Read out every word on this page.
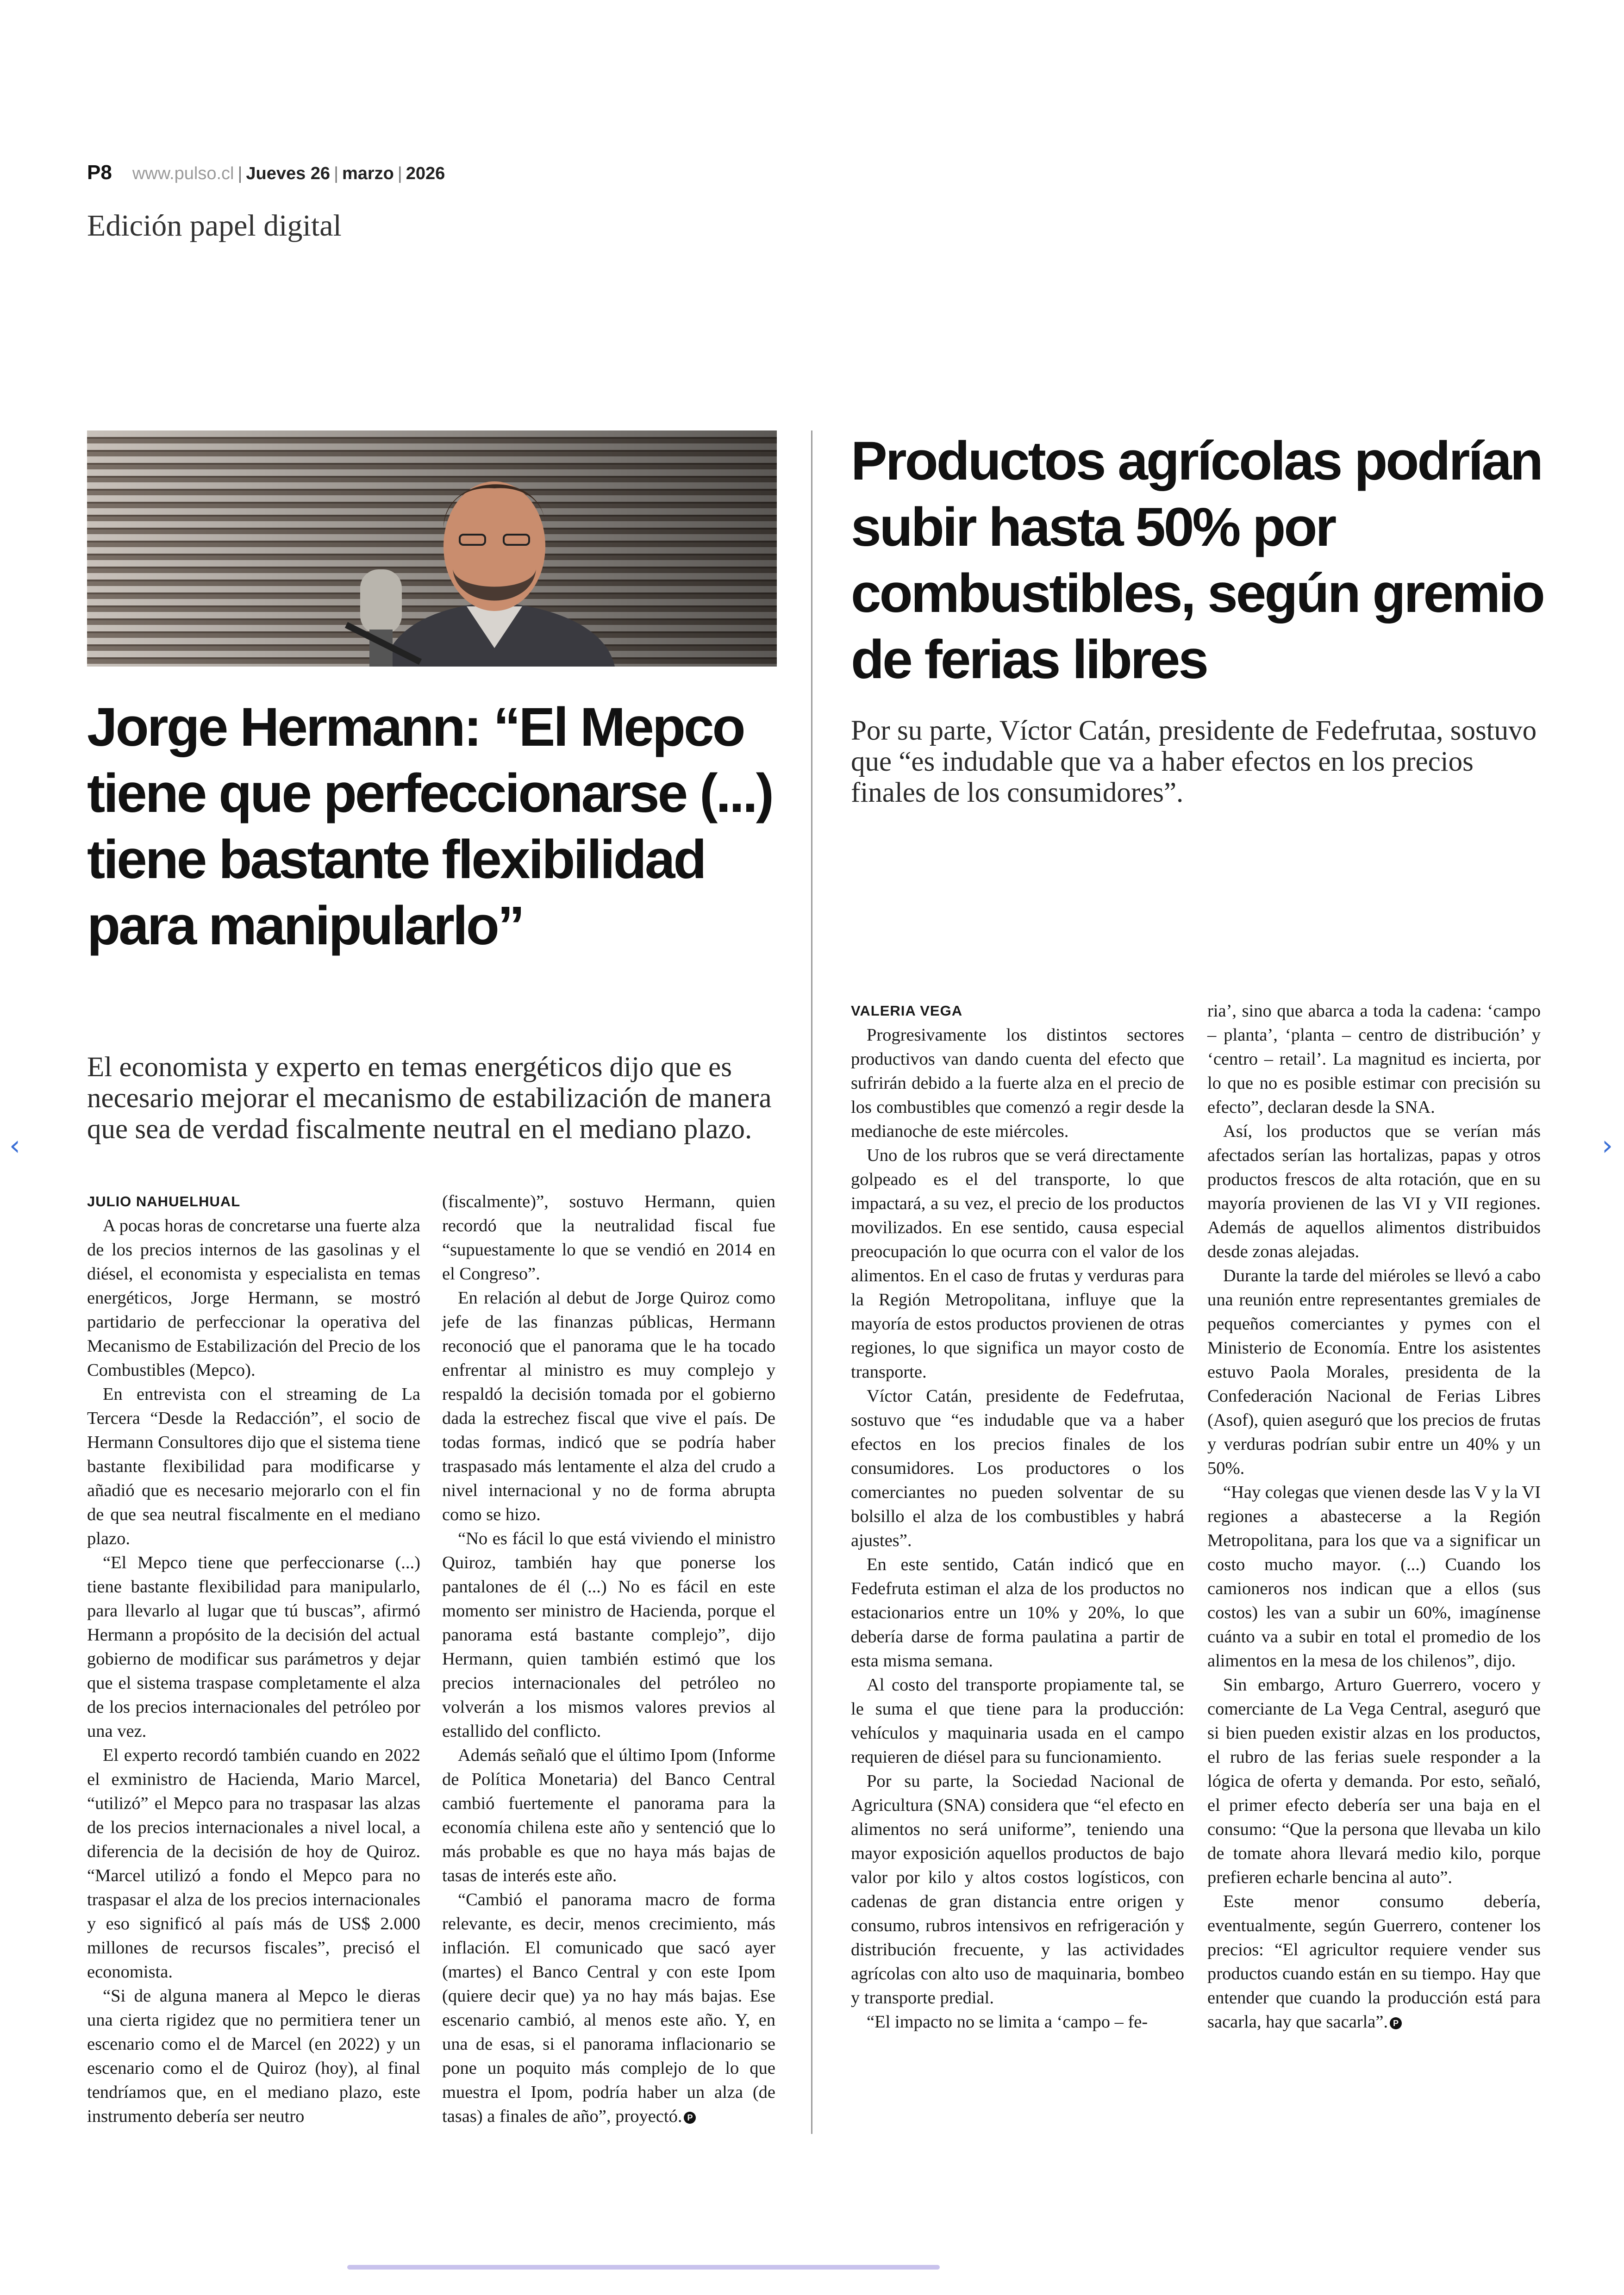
P8 www.pulso.cl | Jueves 26 | marzo | 2026
Edición papel digital
Jorge Hermann: “El Mepco tiene que perfeccionarse (...) tiene bastante flexibilidad para manipularlo”
El economista y experto en temas energéticos dijo que es necesario mejorar el mecanismo de estabilización de manera que sea de verdad fiscalmente neutral en el mediano plazo.

JULIO NAHUELHUAL

A pocas horas de concretarse una fuerte alza de los precios internos de las gasolinas y el diésel, el economista y especialista en temas energéticos, Jorge Hermann, se mostró partidario de perfeccionar la operativa del Mecanismo de Estabilización del Precio de los Combustibles (Mepco).

En entrevista con el streaming de La Tercera “Desde la Redacción”, el socio de Hermann Consultores dijo que el sistema tiene bastante flexibilidad para modificarse y añadió que es necesario mejorarlo con el fin de que sea neutral fiscalmente en el mediano plazo.

“El Mepco tiene que perfeccionarse (...) tiene bastante flexibilidad para manipularlo, para llevarlo al lugar que tú buscas”, afirmó Hermann a propósito de la decisión del actual gobierno de modificar sus parámetros y dejar que el sistema traspase completamente el alza de los precios internacionales del petróleo por una vez.

El experto recordó también cuando en 2022 el exministro de Hacienda, Mario Marcel, “utilizó” el Mepco para no traspasar las alzas de los precios internacionales a nivel local, a diferencia de la decisión de hoy de Quiroz. “Marcel utilizó a fondo el Mepco para no traspasar el alza de los precios internacionales y eso significó al país más de US$ 2.000 millones de recursos fiscales”, precisó el economista.

“Si de alguna manera al Mepco le dieras una cierta rigidez que no permitiera tener un escenario como el de Marcel (en 2022) y un escenario como el de Quiroz (hoy), al final tendríamos que, en el mediano plazo, este instrumento debería ser neutro

(fiscalmente)”, sostuvo Hermann, quien recordó que la neutralidad fiscal fue “supuestamente lo que se vendió en 2014 en el Congreso”.

En relación al debut de Jorge Quiroz como jefe de las finanzas públicas, Hermann reconoció que el panorama que le ha tocado enfrentar al ministro es muy complejo y respaldó la decisión tomada por el gobierno dada la estrechez fiscal que vive el país. De todas formas, indicó que se podría haber traspasado más lentamente el alza del crudo a nivel internacional y no de forma abrupta como se hizo.

“No es fácil lo que está viviendo el ministro Quiroz, también hay que ponerse los pantalones de él (...) No es fácil en este momento ser ministro de Hacienda, porque el panorama está bastante complejo”, dijo Hermann, quien también estimó que los precios internacionales del petróleo no volverán a los mismos valores previos al estallido del conflicto.

Además señaló que el último Ipom (Informe de Política Monetaria) del Banco Central cambió fuertemente el panorama para la economía chilena este año y sentenció que lo más probable es que no haya más bajas de tasas de interés este año.

“Cambió el panorama macro de forma relevante, es decir, menos crecimiento, más inflación. El comunicado que sacó ayer (martes) el Banco Central y con este Ipom (quiere decir que) ya no hay más bajas. Ese escenario cambió, al menos este año. Y, en una de esas, si el panorama inflacionario se pone un poquito más complejo de lo que muestra el Ipom, podría haber un alza (de tasas) a finales de año”, proyectó. P

Productos agrícolas podrían subir hasta 50% por combustibles, según gremio de ferias libres
Por su parte, Víctor Catán, presidente de Fedefrutaa, sostuvo que “es indudable que va a haber efectos en los precios finales de los consumidores”.

VALERIA VEGA

Progresivamente los distintos sectores productivos van dando cuenta del efecto que sufrirán debido a la fuerte alza en el precio de los combustibles que comenzó a regir desde la medianoche de este miércoles.

Uno de los rubros que se verá directamente golpeado es el del transporte, lo que impactará, a su vez, el precio de los productos movilizados. En ese sentido, causa especial preocupación lo que ocurra con el valor de los alimentos. En el caso de frutas y verduras para la Región Metropolitana, influye que la mayoría de estos productos provienen de otras regiones, lo que significa un mayor costo de transporte.

Víctor Catán, presidente de Fedefrutaa, sostuvo que “es indudable que va a haber efectos en los precios finales de los consumidores. Los productores o los comerciantes no pueden solventar de su bolsillo el alza de los combustibles y habrá ajustes”.

En este sentido, Catán indicó que en Fedefruta estiman el alza de los productos no estacionarios entre un 10% y 20%, lo que debería darse de forma paulatina a partir de esta misma semana.

Al costo del transporte propiamente tal, se le suma el que tiene para la producción: vehículos y maquinaria usada en el campo requieren de diésel para su funcionamiento.

Por su parte, la Sociedad Nacional de Agricultura (SNA) considera que “el efecto en alimentos no será uniforme”, teniendo una mayor exposición aquellos productos de bajo valor por kilo y altos costos logísticos, con cadenas de gran distancia entre origen y consumo, rubros intensivos en refrigeración y distribución frecuente, y las actividades agrícolas con alto uso de maquinaria, bombeo y transporte predial.

“El impacto no se limita a ‘campo – fe-

ria’, sino que abarca a toda la cadena: ‘campo – planta’, ‘planta – centro de distribución’ y ‘centro – retail’. La magnitud es incierta, por lo que no es posible estimar con precisión su efecto”, declaran desde la SNA.

Así, los productos que se verían más afectados serían las hortalizas, papas y otros productos frescos de alta rotación, que en su mayoría provienen de las VI y VII regiones. Además de aquellos alimentos distribuidos desde zonas alejadas.

Durante la tarde del miéroles se llevó a cabo una reunión entre representantes gremiales de pequeños comerciantes y pymes con el Ministerio de Economía. Entre los asistentes estuvo Paola Morales, presidenta de la Confederación Nacional de Ferias Libres (Asof), quien aseguró que los precios de frutas y verduras podrían subir entre un 40% y un 50%.

“Hay colegas que vienen desde las V y la VI regiones a abastecerse a la Región Metropolitana, para los que va a significar un costo mucho mayor. (...) Cuando los camioneros nos indican que a ellos (sus costos) les van a subir un 60%, imagínense cuánto va a subir en total el promedio de los alimentos en la mesa de los chilenos”, dijo.

Sin embargo, Arturo Guerrero, vocero y comerciante de La Vega Central, aseguró que si bien pueden existir alzas en los productos, el rubro de las ferias suele responder a la lógica de oferta y demanda. Por esto, señaló, el primer efecto debería ser una baja en el consumo: “Que la persona que llevaba un kilo de tomate ahora llevará medio kilo, porque prefieren echarle bencina al auto”.

Este menor consumo debería, eventualmente, según Guerrero, contener los precios: “El agricultor requiere vender sus productos cuando están en su tiempo. Hay que entender que cuando la producción está para sacarla, hay que sacarla”. P

‹	›
